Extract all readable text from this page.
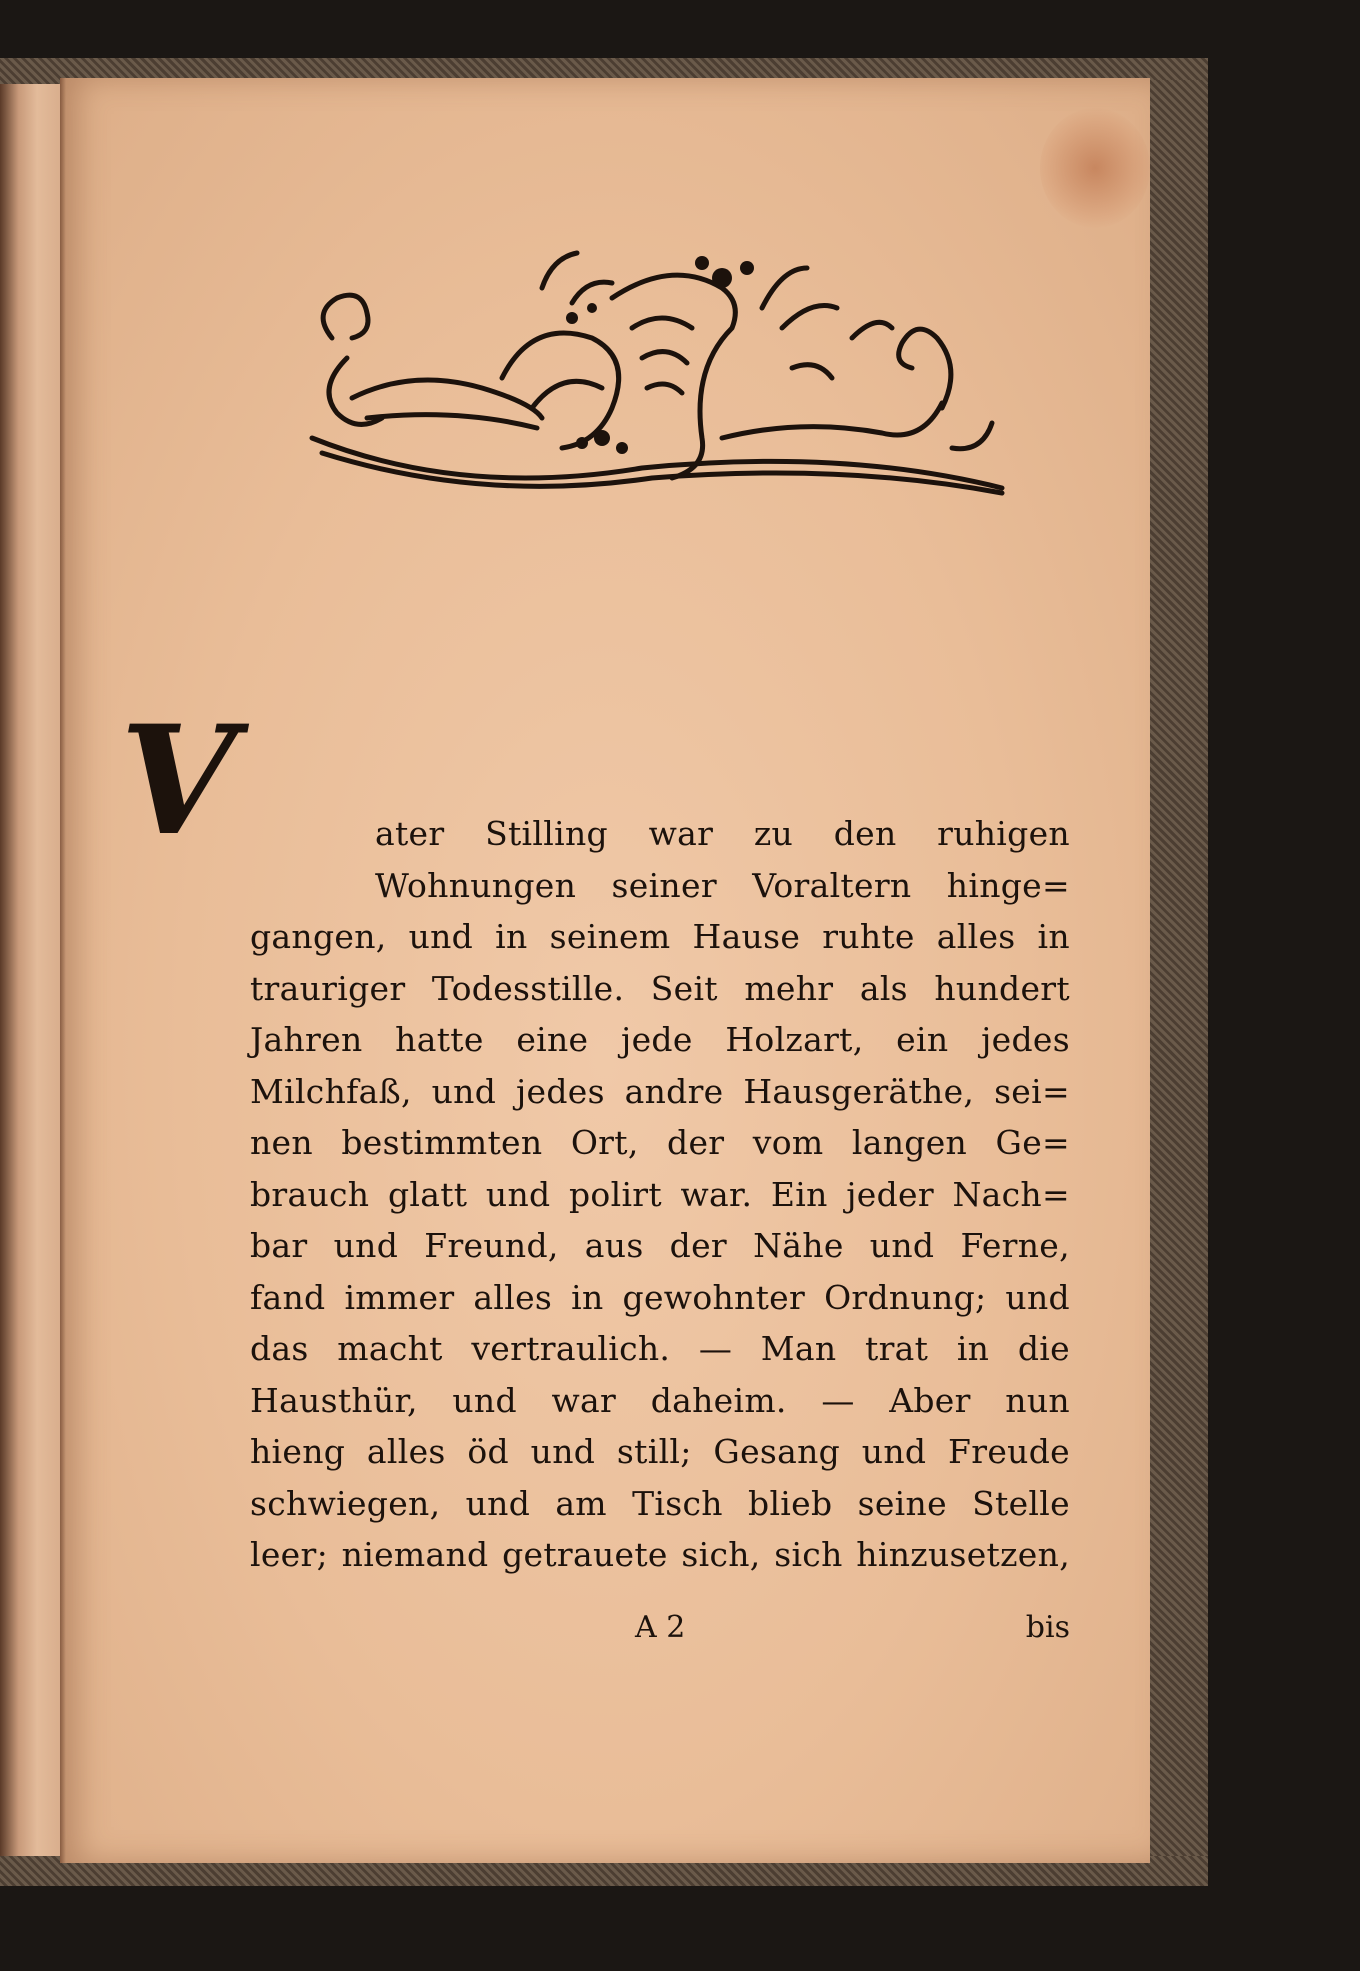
V	ater Stilling war zu den ruhigen
Wohnungen seiner Voraltern hinge=
gangen, und in seinem Hause ruhte alles in
trauriger Todesstille. Seit mehr als hundert
Jahren hatte eine jede Holzart, ein jedes
Milchfaß, und jedes andre Hausgeräthe, sei=
nen bestimmten Ort, der vom langen Ge=
brauch glatt und polirt war. Ein jeder Nach=
bar und Freund, aus der Nähe und Ferne,
fand immer alles in gewohnter Ordnung; und
das macht vertraulich. — Man trat in die
Hausthür, und war daheim. — Aber nun
hieng alles öd und still; Gesang und Freude
schwiegen, und am Tisch blieb seine Stelle
leer; niemand getrauete sich, sich hinzusetzen,
A 2	bis
